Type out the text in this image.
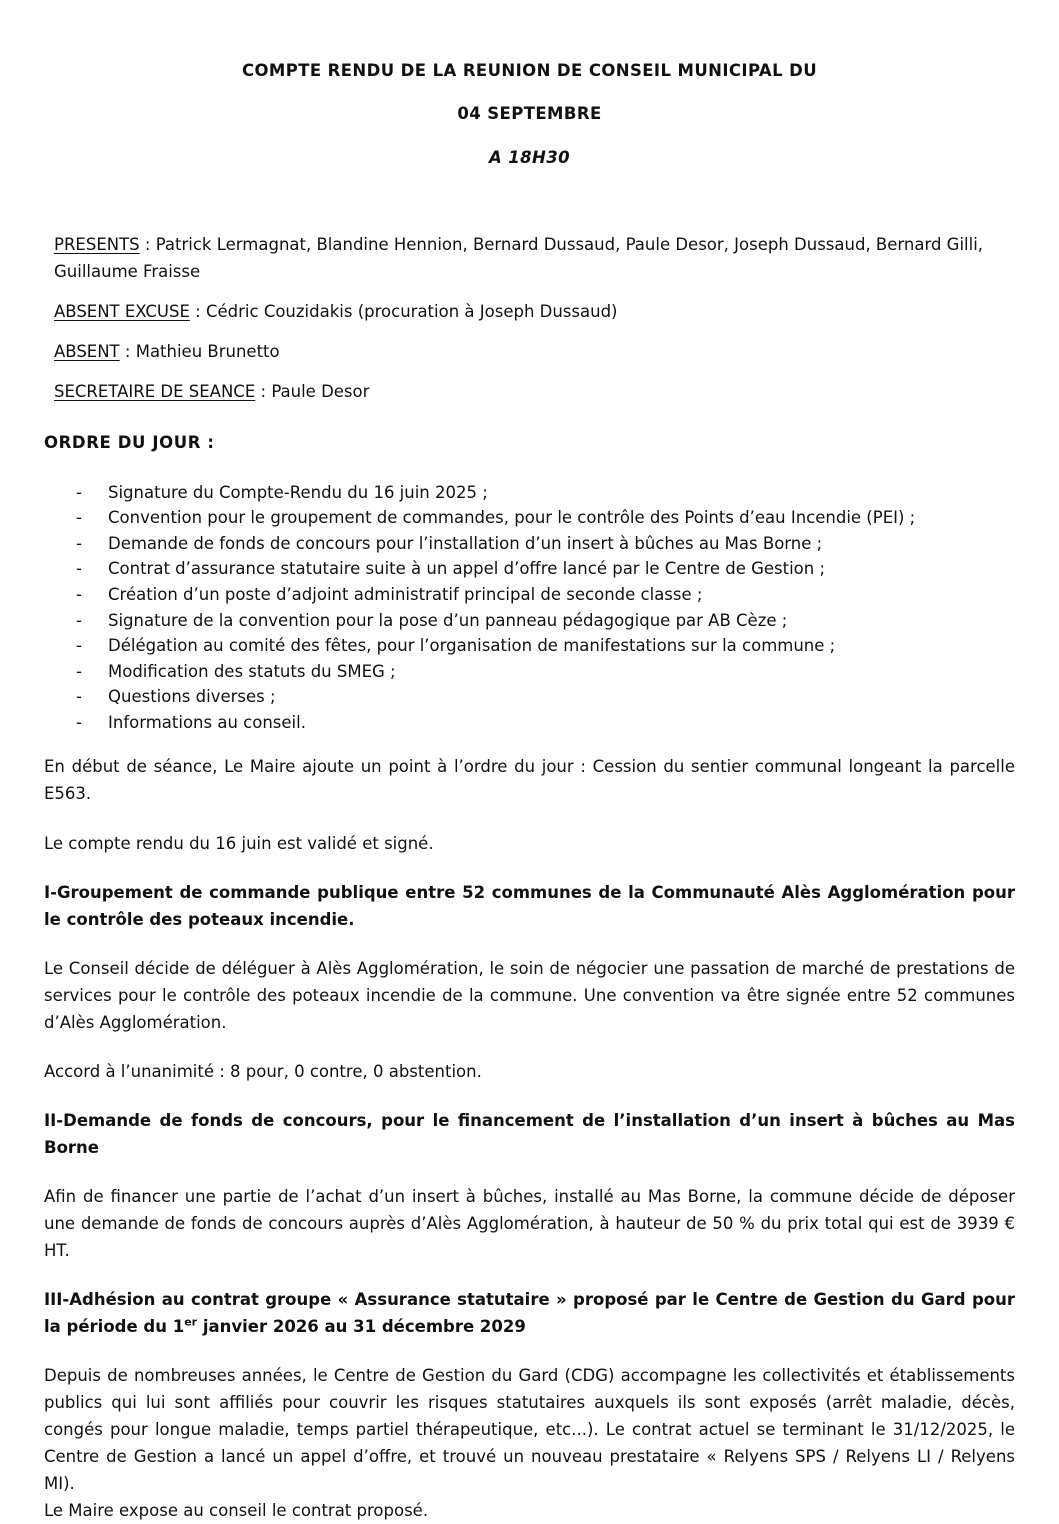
COMPTE RENDU DE LA REUNION DE CONSEIL MUNICIPAL DU

04 SEPTEMBRE

A 18H30

PRESENTS : Patrick Lermagnat, Blandine Hennion, Bernard Dussaud, Paule Desor, Joseph Dussaud, Bernard Gilli, Guillaume Fraisse

ABSENT EXCUSE : Cédric Couzidakis (procuration à Joseph Dussaud)

ABSENT : Mathieu Brunetto

SECRETAIRE DE SEANCE : Paule Desor

ORDRE DU JOUR :

- Signature du Compte-Rendu du 16 juin 2025 ;
- Convention pour le groupement de commandes, pour le contrôle des Points d’eau Incendie (PEI) ;
- Demande de fonds de concours pour l’installation d’un insert à bûches au Mas Borne ;
- Contrat d’assurance statutaire suite à un appel d’offre lancé par le Centre de Gestion ;
- Création d’un poste d’adjoint administratif principal de seconde classe ;
- Signature de la convention pour la pose d’un panneau pédagogique par AB Cèze ;
- Délégation au comité des fêtes, pour l’organisation de manifestations sur la commune ;
- Modification des statuts du SMEG ;
- Questions diverses ;
- Informations au conseil.

En début de séance, Le Maire ajoute un point à l’ordre du jour : Cession du sentier communal longeant la parcelle E563.

Le compte rendu du 16 juin est validé et signé.

I-Groupement de commande publique entre 52 communes de la Communauté Alès Agglomération pour le contrôle des poteaux incendie.

Le Conseil décide de déléguer à Alès Agglomération, le soin de négocier une passation de marché de prestations de services pour le contrôle des poteaux incendie de la commune. Une convention va être signée entre 52 communes d’Alès Agglomération.

Accord à l’unanimité : 8 pour, 0 contre, 0 abstention.

II-Demande de fonds de concours, pour le financement de l’installation d’un insert à bûches au Mas Borne

Afin de financer une partie de l’achat d’un insert à bûches, installé au Mas Borne, la commune décide de déposer une demande de fonds de concours auprès d’Alès Agglomération, à hauteur de 50 % du prix total qui est de 3939 € HT.

III-Adhésion au contrat groupe « Assurance statutaire » proposé par le Centre de Gestion du Gard pour la période du 1er janvier 2026 au 31 décembre 2029

Depuis de nombreuses années, le Centre de Gestion du Gard (CDG) accompagne les collectivités et établissements publics qui lui sont affiliés pour couvrir les risques statutaires auxquels ils sont exposés (arrêt maladie, décès, congés pour longue maladie, temps partiel thérapeutique, etc...). Le contrat actuel se terminant le 31/12/2025, le Centre de Gestion a lancé un appel d’offre, et trouvé un nouveau prestataire « Relyens SPS / Relyens LI / Relyens MI).
Le Maire expose au conseil le contrat proposé.
